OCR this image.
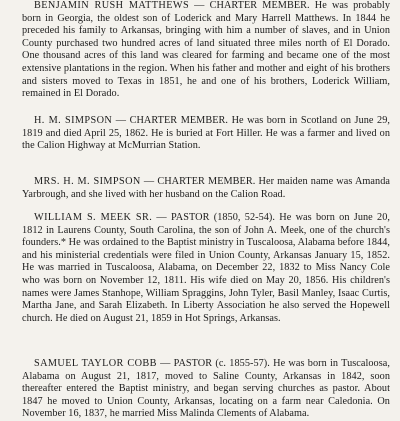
BENJAMIN RUSH MATTHEWS — CHARTER MEMBER. He was probably born in Georgia, the oldest son of Loderick and Mary Harrell Matthews. In 1844 he preceded his family to Arkansas, bringing with him a number of slaves, and in Union County purchased two hundred acres of land situated three miles north of El Dorado. One thousand acres of this land was cleared for farming and became one of the most extensive plantations in the region. When his father and mother and eight of his brothers and sisters moved to Texas in 1851, he and one of his brothers, Loderick William, remained in El Dorado.

H. M. SIMPSON — CHARTER MEMBER. He was born in Scotland on June 29, 1819 and died April 25, 1862. He is buried at Fort Hiller. He was a farmer and lived on the Calion Highway at McMurrian Station.

MRS. H. M. SIMPSON — CHARTER MEMBER. Her maiden name was Amanda Yarbrough, and she lived with her husband on the Calion Road.

WILLIAM S. MEEK SR. — PASTOR (1850, 52-54). He was born on June 20, 1812 in Laurens County, South Carolina, the son of John A. Meek, one of the church's founders.* He was ordained to the Baptist ministry in Tuscaloosa, Alabama before 1844, and his ministerial credentials were filed in Union County, Arkansas January 15, 1852. He was married in Tuscaloosa, Alabama, on December 22, 1832 to Miss Nancy Cole who was born on November 12, 1811. His wife died on May 20, 1856. His children's names were James Stanhope, William Spraggins, John Tyler, Basil Manley, Isaac Curtis, Martha Jane, and Sarah Elizabeth. In Liberty Association he also served the Hopewell church. He died on August 21, 1859 in Hot Springs, Arkansas.

SAMUEL TAYLOR COBB — PASTOR (c. 1855-57). He was born in Tuscaloosa, Alabama on August 21, 1817, moved to Saline County, Arkansas in 1842, soon thereafter entered the Baptist ministry, and began serving churches as pastor. About 1847 he moved to Union County, Arkansas, locating on a farm near Caledonia. On November 16, 1837, he married Miss Malinda Clements of Alabama.
